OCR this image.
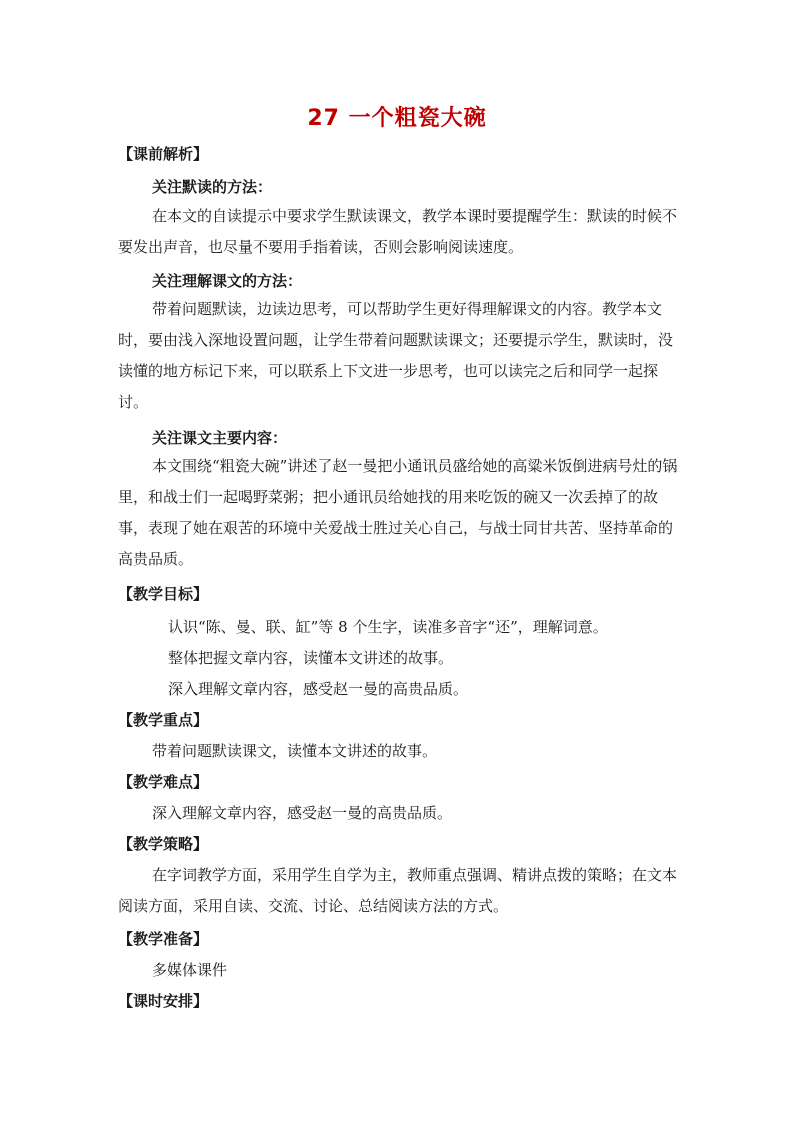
27 一个粗瓷大碗
【课前解析】
关注默读的方法：

在本文的自读提示中要求学生默读课文，教学本课时要提醒学生：默读的时候不要发出声音，也尽量不要用手指着读，否则会影响阅读速度。

关注理解课文的方法：

带着问题默读，边读边思考，可以帮助学生更好得理解课文的内容。教学本文时，要由浅入深地设置问题，让学生带着问题默读课文；还要提示学生，默读时，没读懂的地方标记下来，可以联系上下文进一步思考，也可以读完之后和同学一起探讨。

关注课文主要内容：

本文围绕“粗瓷大碗”讲述了赵一曼把小通讯员盛给她的高粱米饭倒进病号灶的锅里，和战士们一起喝野菜粥；把小通讯员给她找的用来吃饭的碗又一次丢掉了的故事，表现了她在艰苦的环境中关爱战士胜过关心自己，与战士同甘共苦、坚持革命的高贵品质。

【教学目标】
认识“陈、曼、联、缸”等 8 个生字，读准多音字“还”，理解词意。
整体把握文章内容，读懂本文讲述的故事。
深入理解文章内容，感受赵一曼的高贵品质。
【教学重点】
带着问题默读课文，读懂本文讲述的故事。
【教学难点】
深入理解文章内容，感受赵一曼的高贵品质。
【教学策略】

在字词教学方面，采用学生自学为主，教师重点强调、精讲点拨的策略；在文本阅读方面，采用自读、交流、讨论、总结阅读方法的方式。

【教学准备】
多媒体课件
【课时安排】
